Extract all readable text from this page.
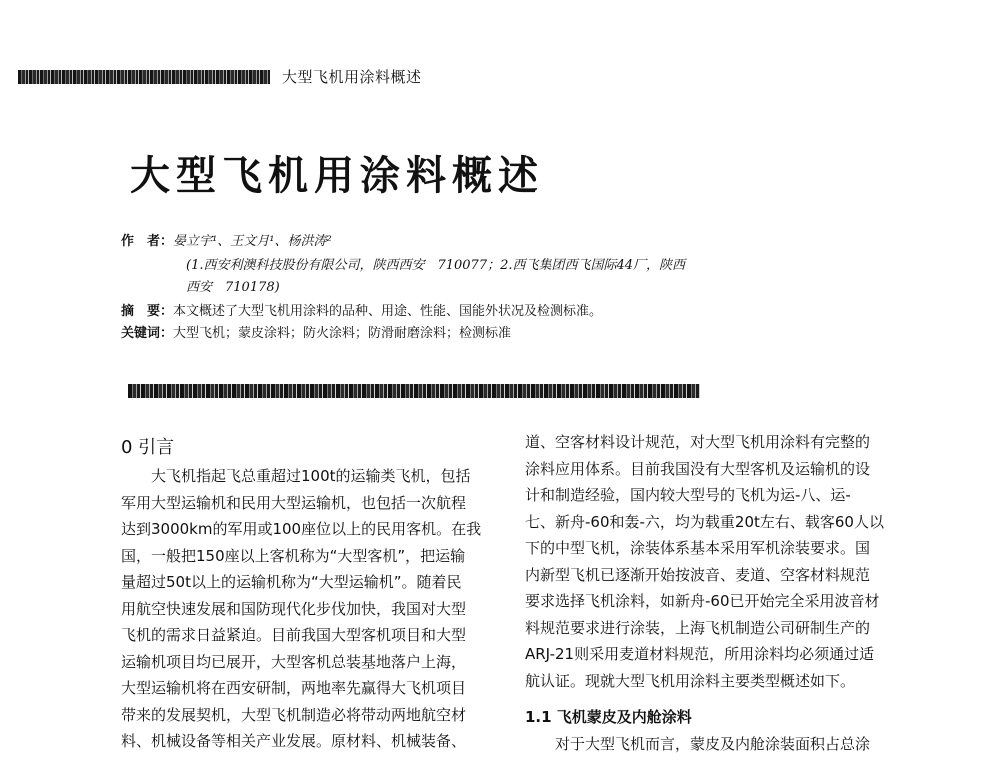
大型飞机用涂料概述
大型飞机用涂料概述
作　者：晏立宇¹、王文月¹、杨洪涛²
(1.西安利澳科技股份有限公司，陕西西安　710077；2.西飞集团西飞国际44厂，陕西
西安　710178)
摘　要：本文概述了大型飞机用涂料的品种、用途、性能、国能外状况及检测标准。
关键词：大型飞机；蒙皮涂料；防火涂料；防滑耐磨涂料；检测标准
0 引言
　　大飞机指起飞总重超过100t的运输类飞机，包括
军用大型运输机和民用大型运输机，也包括一次航程
达到3000km的军用或100座位以上的民用客机。在我
国，一般把150座以上客机称为“大型客机”，把运输
量超过50t以上的运输机称为“大型运输机”。随着民
用航空快速发展和国防现代化步伐加快，我国对大型
飞机的需求日益紧迫。目前我国大型客机项目和大型
运输机项目均已展开，大型客机总装基地落户上海，
大型运输机将在西安研制，两地率先赢得大飞机项目
带来的发展契机，大型飞机制造必将带动两地航空材
料、机械设备等相关产业发展。原材料、机械装备、
道、空客材料设计规范，对大型飞机用涂料有完整的
涂料应用体系。目前我国没有大型客机及运输机的设
计和制造经验，国内较大型号的飞机为运-八、运-
七、新舟-60和轰-六，均为载重20t左右、载客60人以
下的中型飞机，涂装体系基本采用军机涂装要求。国
内新型飞机已逐渐开始按波音、麦道、空客材料规范
要求选择飞机涂料，如新舟-60已开始完全采用波音材
料规范要求进行涂装，上海飞机制造公司研制生产的
ARJ-21则采用麦道材料规范，所用涂料均必须通过适
航认证。现就大型飞机用涂料主要类型概述如下。
1.1 飞机蒙皮及内舱涂料
　　对于大型飞机而言，蒙皮及内舱涂装面积占总涂
